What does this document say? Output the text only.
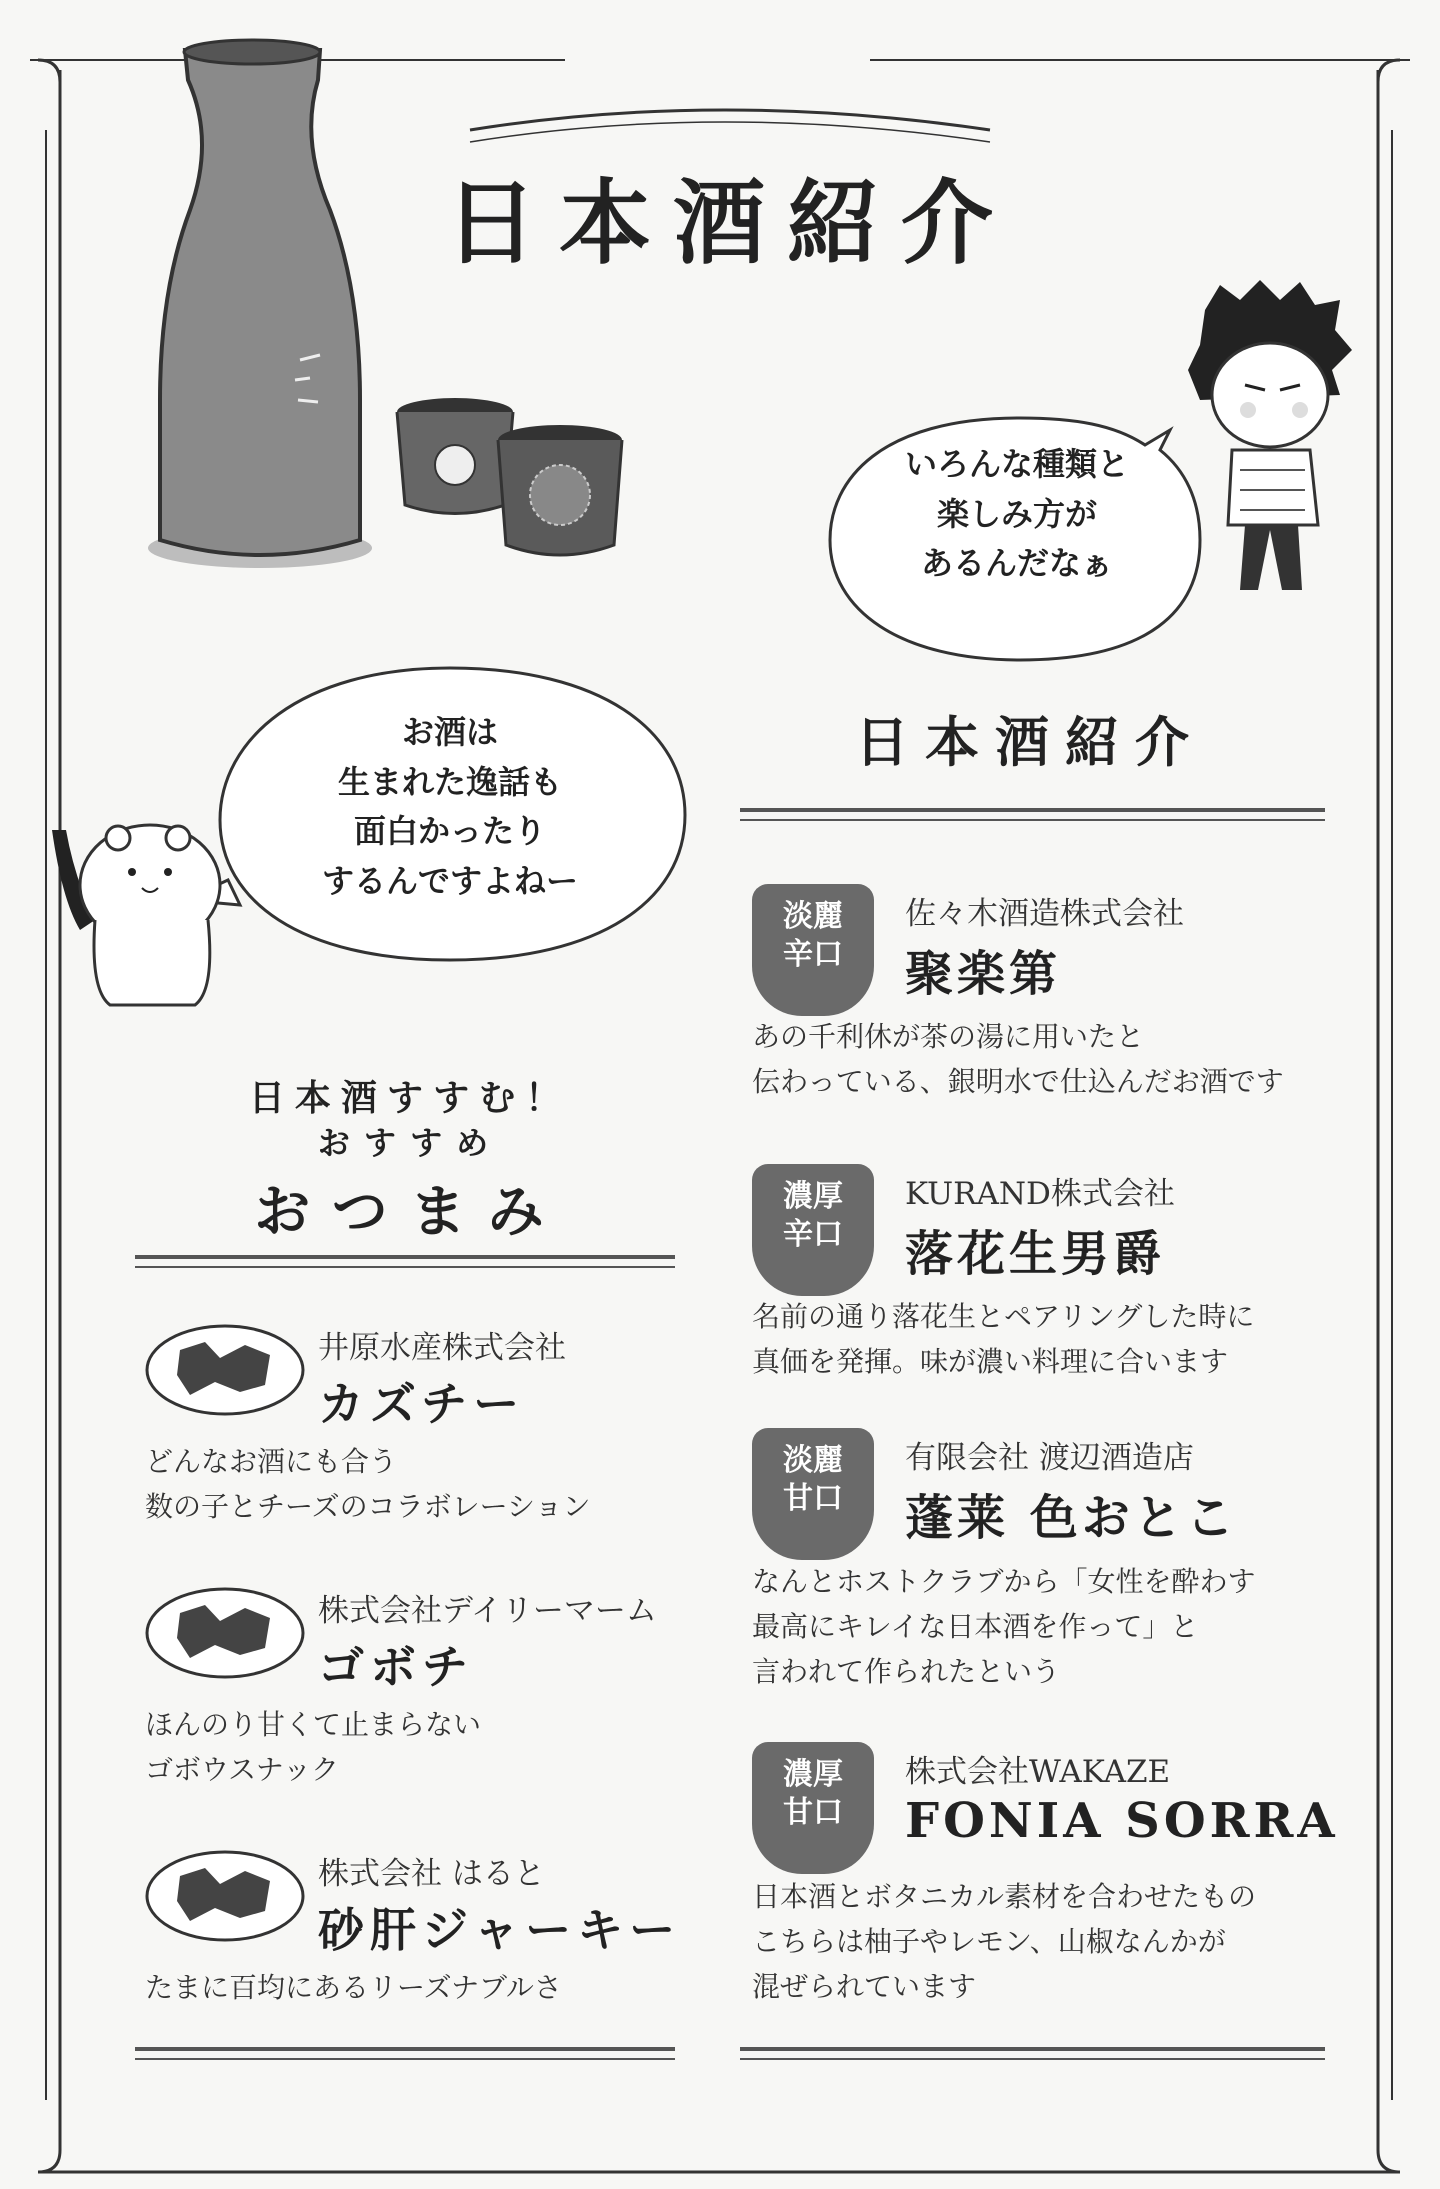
日本酒紹介
いろんな種類と
楽しみ方が
あるんだなぁ
お酒は
生まれた逸話も
面白かったり
するんですよねー
日本酒紹介
日本酒すすむ！
おすすめ
おつまみ
淡麗
辛口
佐々木酒造株式会社
聚楽第
あの千利休が茶の湯に用いたと
伝わっている、銀明水で仕込んだお酒です
濃厚
辛口
KURAND株式会社
落花生男爵
名前の通り落花生とペアリングした時に
真価を発揮。味が濃い料理に合います
淡麗
甘口
有限会社 渡辺酒造店
蓬莱 色おとこ
なんとホストクラブから「女性を酔わす
最高にキレイな日本酒を作って」と
言われて作られたという
濃厚
甘口
株式会社WAKAZE
FONIA SORRA
日本酒とボタニカル素材を合わせたもの
こちらは柚子やレモン、山椒なんかが
混ぜられています
井原水産株式会社
カズチー
どんなお酒にも合う
数の子とチーズのコラボレーション
株式会社デイリーマーム
ゴボチ
ほんのり甘くて止まらない
ゴボウスナック
株式会社 はると
砂肝ジャーキー
たまに百均にあるリーズナブルさ
